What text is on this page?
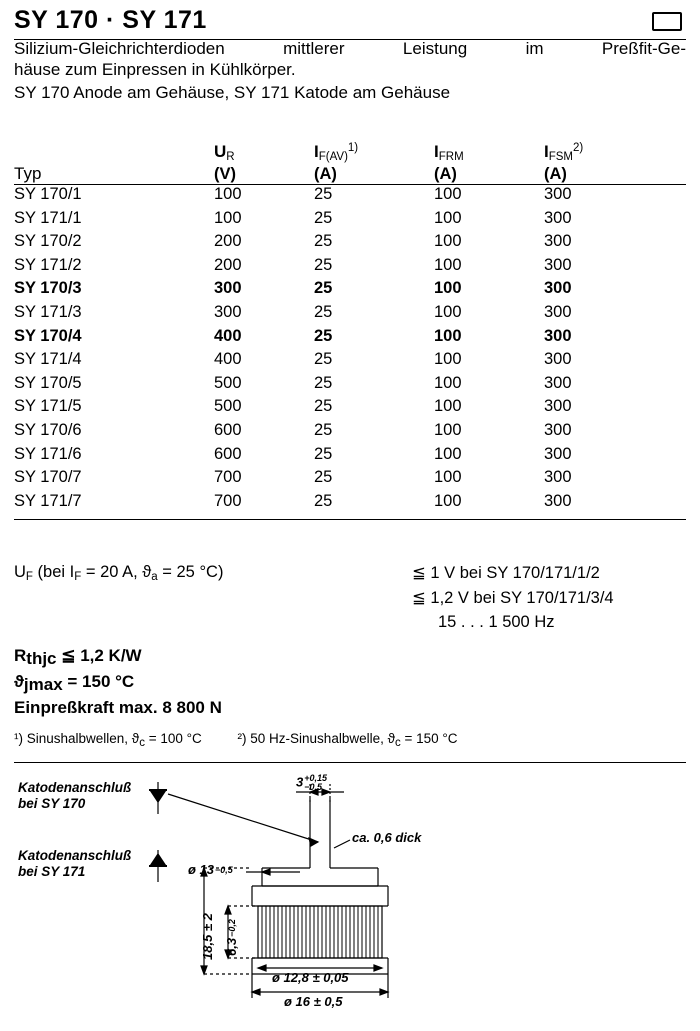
SY 170 · SY 171
Silizium-Gleichrichterdioden mittlerer Leistung im Preßfit-Ge-
häuse zum Einpressen in Kühlkörper.
SY 170 Anode am Gehäuse, SY 171 Katode am Gehäuse
	UR	IF(AV)$^{1)}$	IFRM	IFSM$^{2)}$
Typ	(V)	(A)	(A)	(A)
SY 170/1	100	25	100	300
SY 171/1	100	25	100	300
SY 170/2	200	25	100	300
SY 171/2	200	25	100	300
SY 170/3	300	25	100	300
SY 171/3	300	25	100	300
SY 170/4	400	25	100	300
SY 171/4	400	25	100	300
SY 170/5	500	25	100	300
SY 171/5	500	25	100	300
SY 170/6	600	25	100	300
SY 171/6	600	25	100	300
SY 170/7	700	25	100	300
SY 171/7	700	25	100	300
UF (bei IF = 20 A, ϑa = 25 °C)	≦ 1 V bei SY 170/171/1/2
≦ 1,2 V bei SY 170/171/3/4
15 . . . 1 500 Hz
Rthjc ≦ 1,2 K/W
ϑjmax = 150 °C
Einpreßkraft max. 8 800 N
¹) Sinushalbwellen, ϑc = 100 °C	²) 50 Hz-Sinushalbwelle, ϑc = 150 °C
Katodenanschluß
bei SY 170
Katodenanschluß
bei SY 171
3 +0,15
−0,5
ca. 0,6 dick
ø 13−0,5
18,5 ± 2 6,3−0,2
ø 12,8 ± 0,05
ø 16 ± 0,5
